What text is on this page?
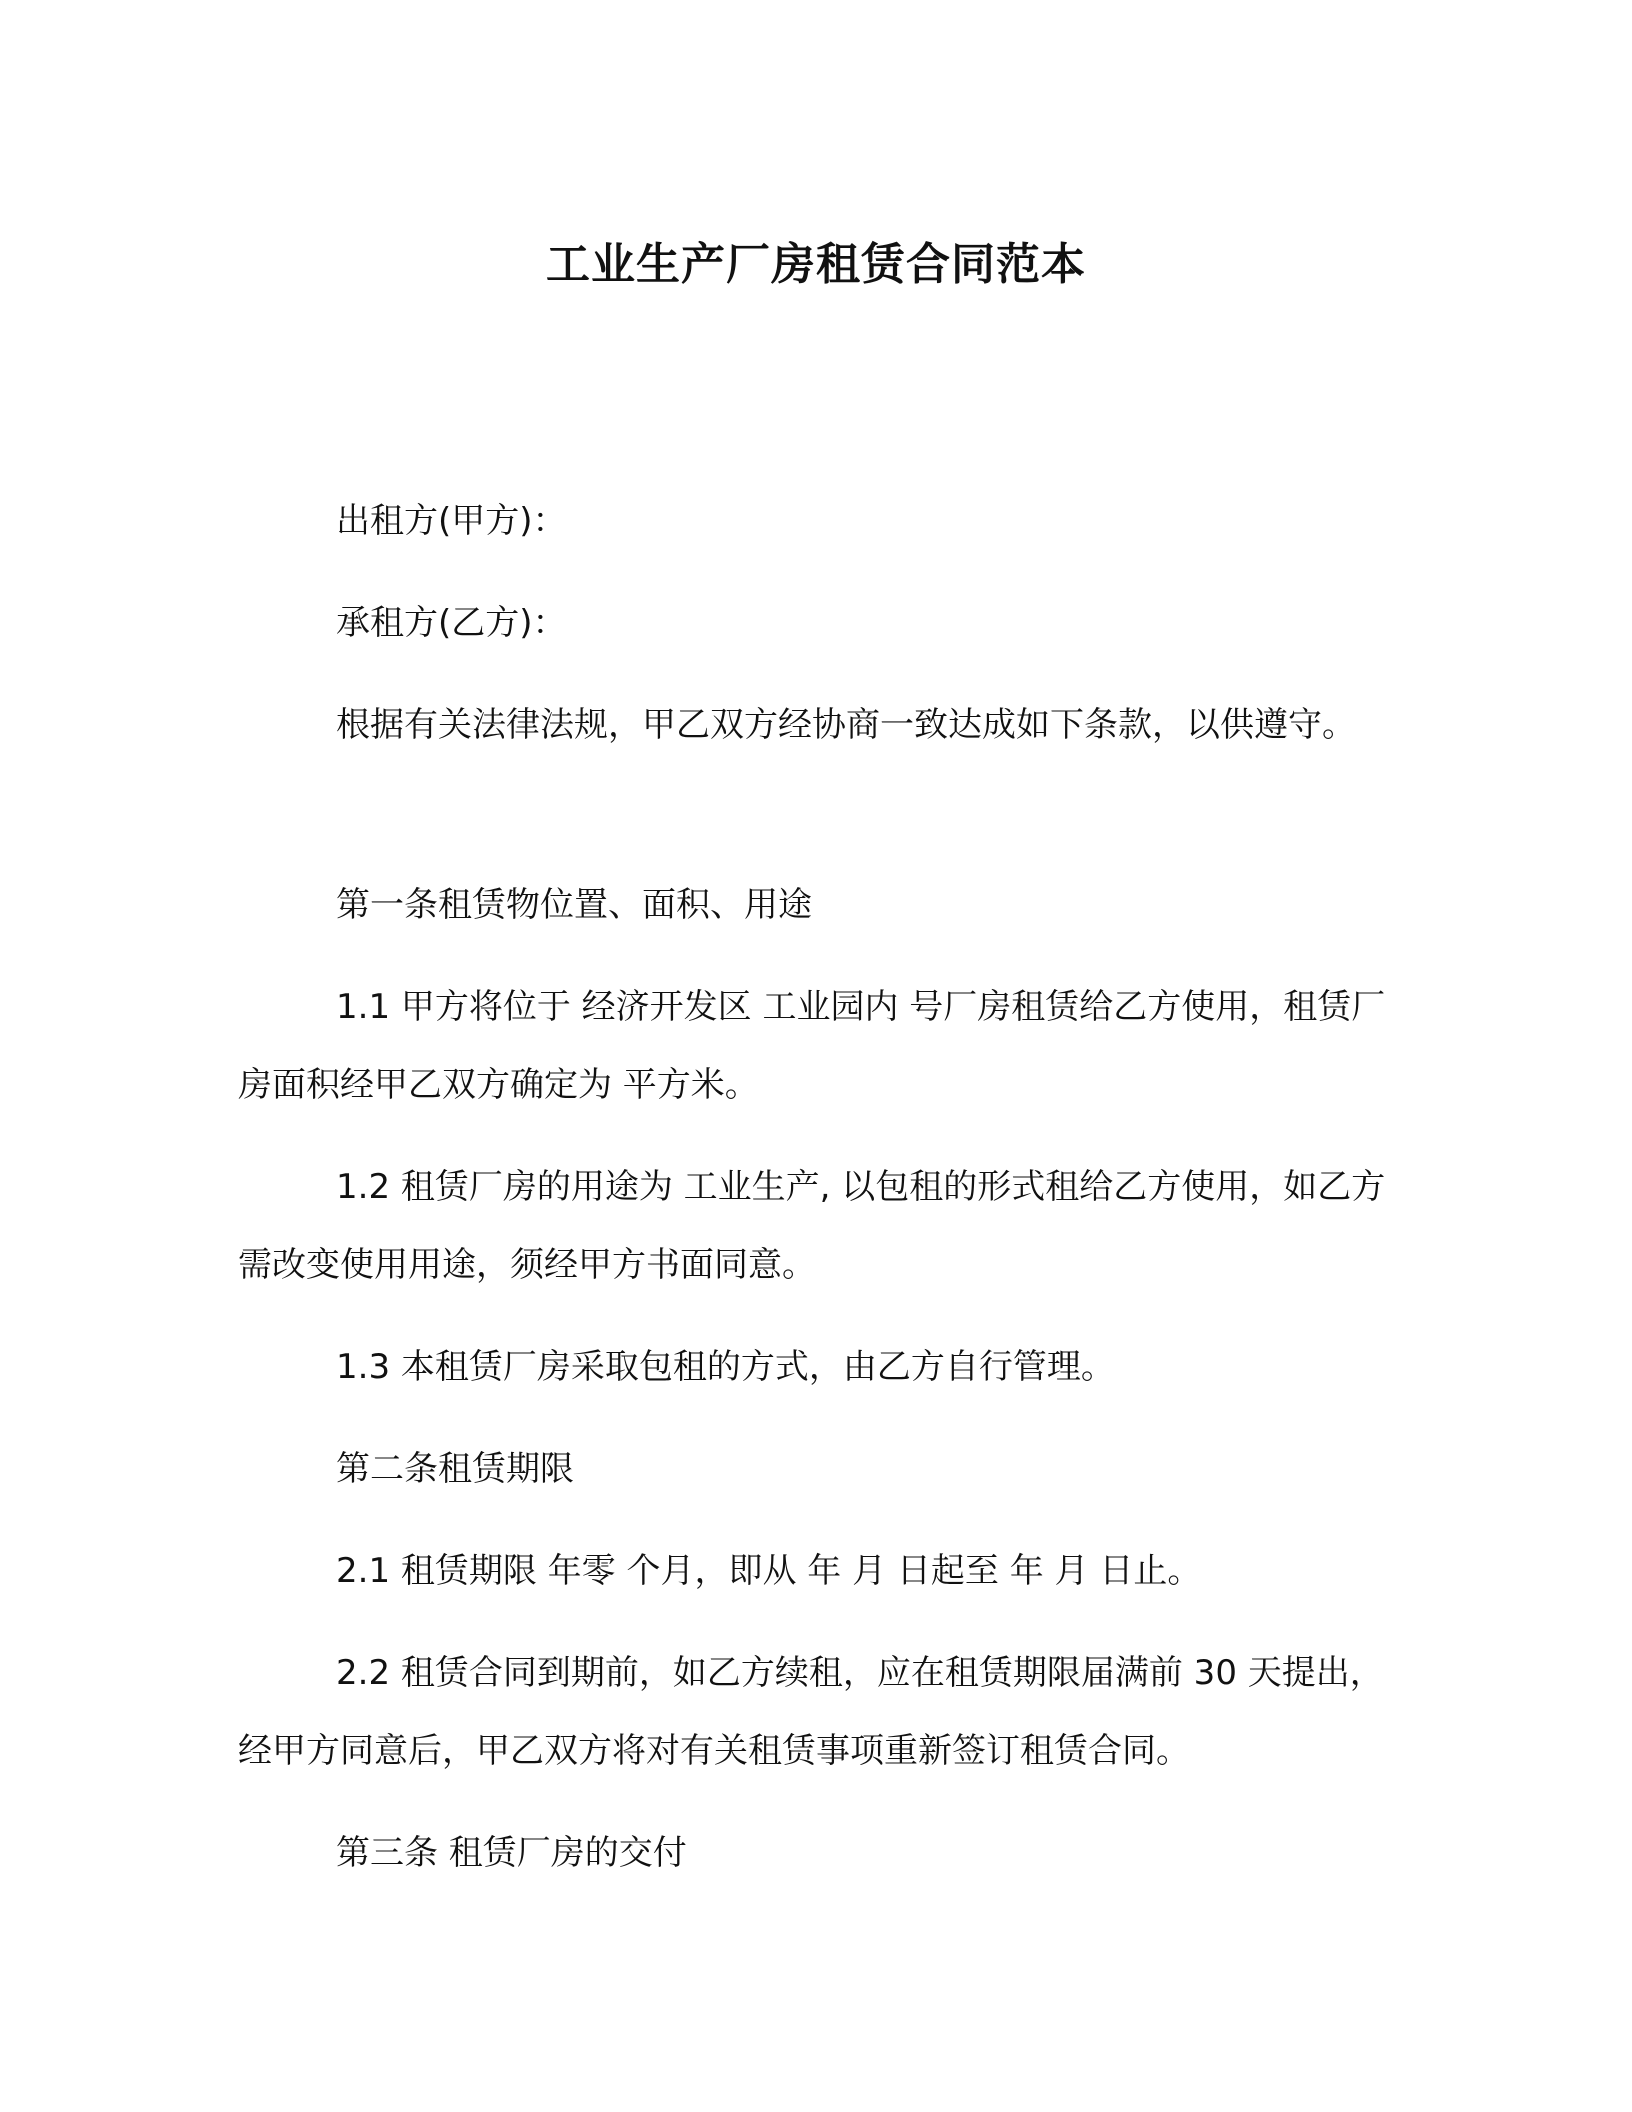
工业生产厂房租赁合同范本
出租方(甲方)：
承租方(乙方)：
根据有关法律法规，甲乙双方经协商一致达成如下条款，以供遵守。
第一条租赁物位置、面积、用途
1.1 甲方将位于 经济开发区 工业园内 号厂房租赁给乙方使用，租赁厂房面积经甲乙双方确定为 平方米。
1.2 租赁厂房的用途为 工业生产, 以包租的形式租给乙方使用，如乙方需改变使用用途，须经甲方书面同意。
1.3 本租赁厂房采取包租的方式，由乙方自行管理。
第二条租赁期限
2.1 租赁期限 年零 个月，即从 年 月 日起至 年 月 日止。
2.2 租赁合同到期前，如乙方续租，应在租赁期限届满前 30 天提出，经甲方同意后，甲乙双方将对有关租赁事项重新签订租赁合同。
第三条 租赁厂房的交付
